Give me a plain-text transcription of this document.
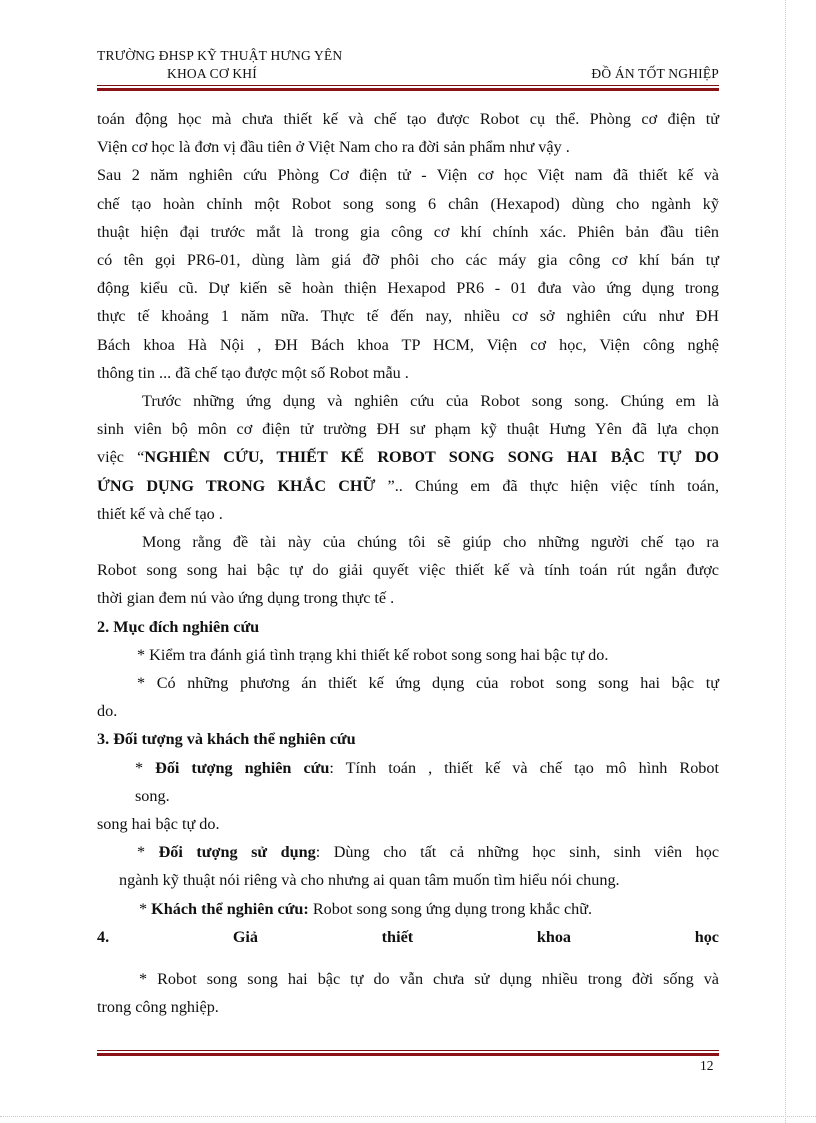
TRƯỜNG ĐHSP KỸ THUẬT HƯNG YÊN
KHOA CƠ KHÍ	ĐỒ ÁN TỐT NGHIỆP
toán động học mà chưa thiết kế và chế tạo được Robot cụ thể. Phòng cơ điện tử
Viện cơ học là đơn vị đầu tiên ở Việt Nam cho ra đời sản phẩm như vậy .
Sau 2 năm nghiên cứu Phòng Cơ điện tử - Viện cơ học Việt nam đã thiết kế và
chế tạo hoàn chỉnh một Robot song song 6 chân (Hexapod) dùng cho ngành kỹ
thuật hiện đại trước mắt là trong gia công cơ khí chính xác. Phiên bản đầu tiên
có tên gọi PR6-01, dùng làm giá đỡ phôi cho các máy gia công cơ khí bán tự
động kiểu cũ. Dự kiến sẽ hoàn thiện Hexapod PR6 - 01 đưa vào ứng dụng trong
thực tế khoảng 1 năm nữa. Thực tế đến nay, nhiều cơ sở nghiên cứu như ĐH
Bách khoa Hà Nội , ĐH Bách khoa TP HCM, Viện cơ học, Viện công nghệ
thông tin ... đã chế tạo được một số Robot mẫu .
Trước những ứng dụng và nghiên cứu của Robot song song. Chúng em là
sinh viên bộ môn cơ điện tử trường ĐH sư phạm kỹ thuật Hưng Yên đã lựa chọn
việc “NGHIÊN CỨU, THIẾT KẾ ROBOT SONG SONG HAI BẬC TỰ DO
ỨNG DỤNG TRONG KHẮC CHỮ ”.. Chúng em đã thực hiện việc tính toán,
thiết kế và chế tạo .
Mong rằng đề tài này của chúng tôi sẽ giúp cho những người chế tạo ra
Robot song song hai bậc tự do giải quyết việc thiết kế và tính toán rút ngắn được
thời gian đem nú vào ứng dụng trong thực tế .
2. Mục đích nghiên cứu
* Kiểm tra đánh giá tình trạng khi thiết kế robot song song hai bậc tự do.
* Có những phương án thiết kế ứng dụng của robot song song hai bậc tự
do.
3. Đối tượng và khách thể nghiên cứu
* Đối tượng nghiên cứu: Tính toán , thiết kế và chế tạo mô hình Robot
song.
song hai bậc tự do.
* Đối tượng sử dụng: Dùng cho tất cả những học sinh, sinh viên học
ngành kỹ thuật nói riêng và cho nhưng ai quan tâm muốn tìm hiểu nói chung.
* Khách thể nghiên cứu: Robot song song ứng dụng trong khắc chữ.
4.	Giả	thiết	khoa	học
* Robot song song hai bậc tự do vẫn chưa sử dụng nhiều trong đời sống và
trong công nghiệp.
12
